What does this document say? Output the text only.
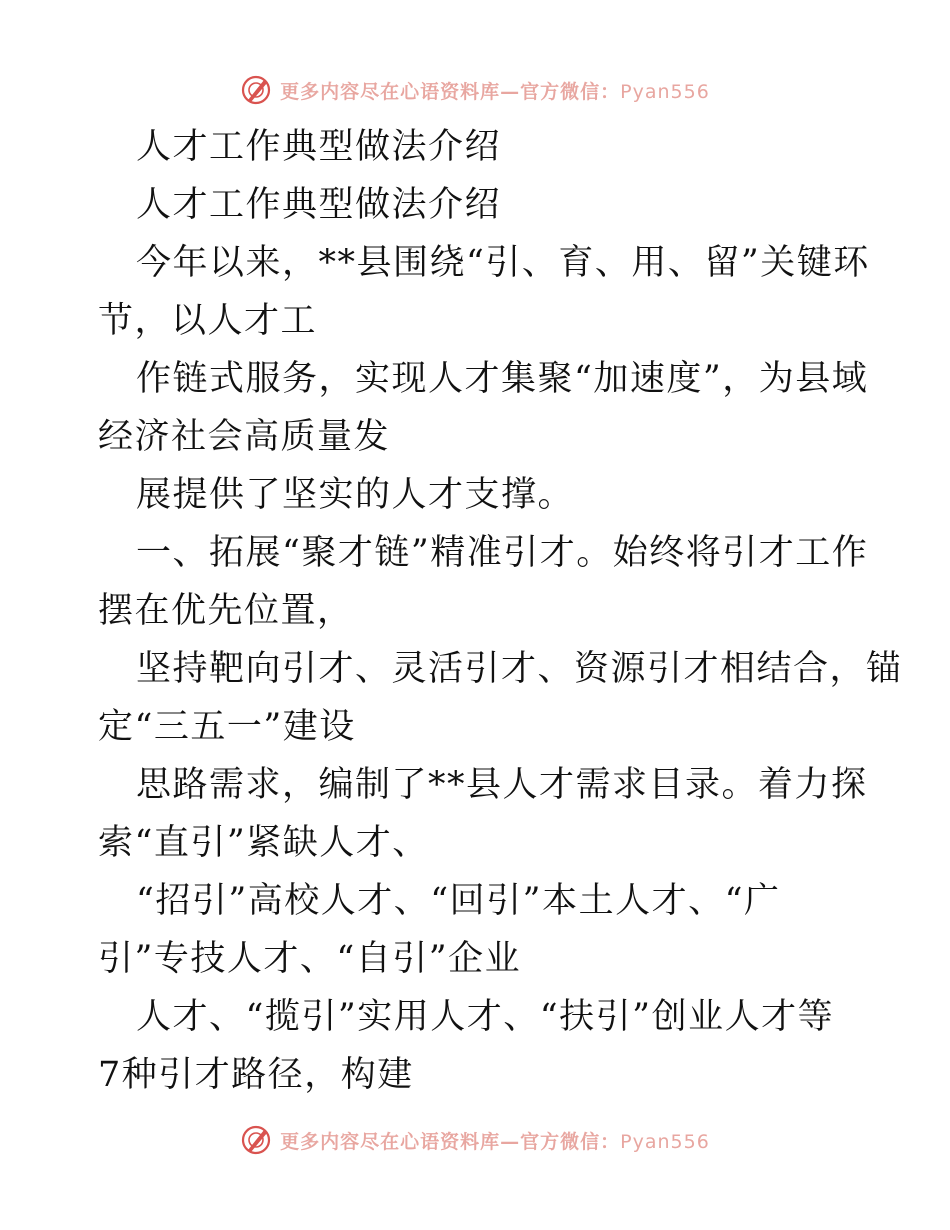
更多内容尽在心语资料库—官方微信：Pyan556
人才工作典型做法介绍
人才工作典型做法介绍
今年以来，**县围绕“引、育、用、留”关键环
节，以人才工
作链式服务，实现人才集聚“加速度”，为县域
经济社会高质量发
展提供了坚实的人才支撑。
一、拓展“聚才链”精准引才。始终将引才工作
摆在优先位置，
坚持靶向引才、灵活引才、资源引才相结合，锚
定“三五一”建设
思路需求，编制了**县人才需求目录。着力探
索“直引”紧缺人才、
“招引”高校人才、“回引”本土人才、“广
引”专技人才、“自引”企业
人才、“揽引”实用人才、“扶引”创业人才等
7种引才路径，构建
更多内容尽在心语资料库—官方微信：Pyan556
